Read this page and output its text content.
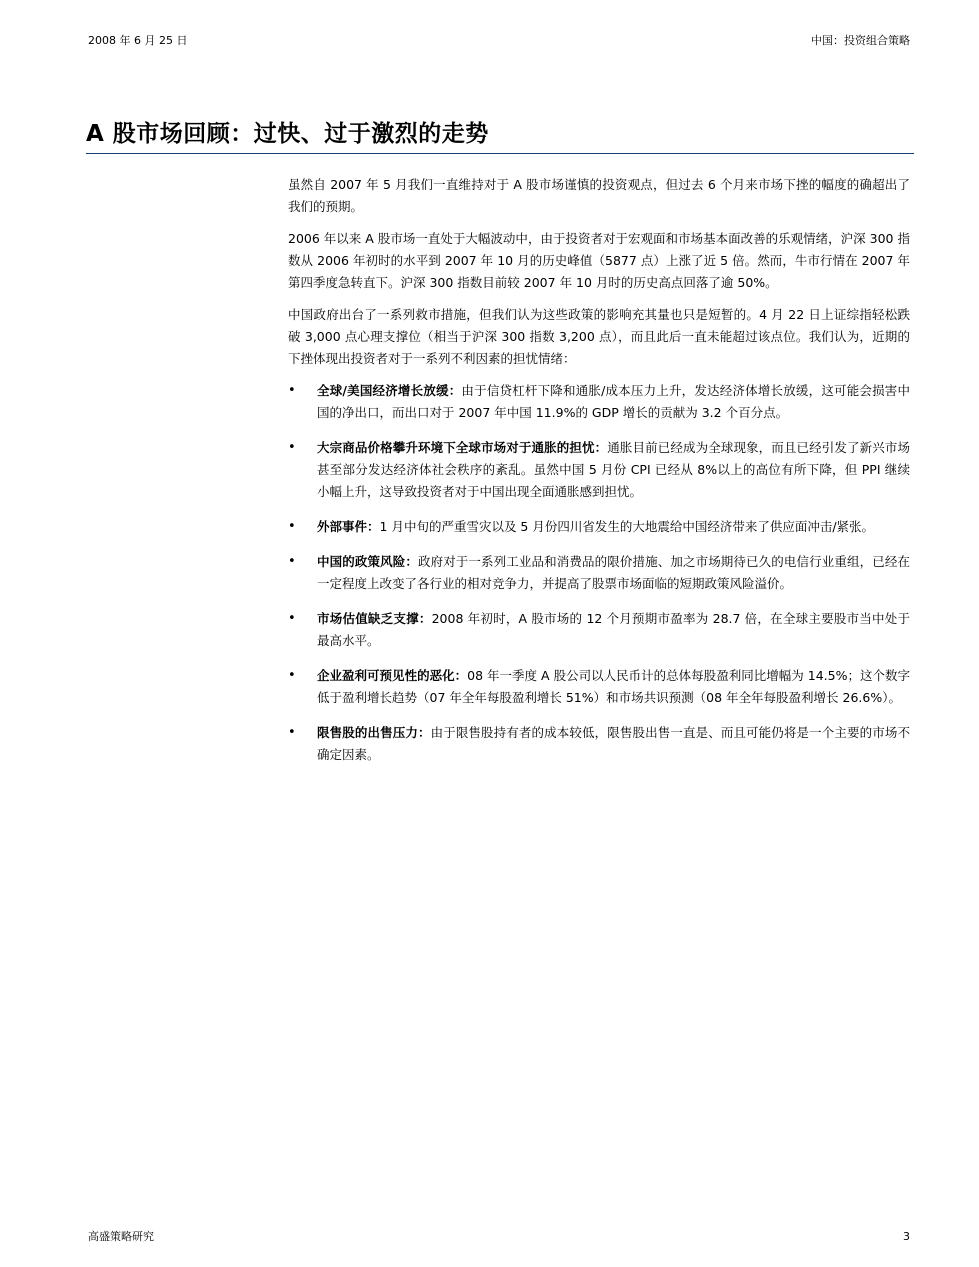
2008 年 6 月 25 日	中国：投资组合策略
A 股市场回顾：过快、过于激烈的走势

虽然自 2007 年 5 月我们一直维持对于 A 股市场谨慎的投资观点，但过去 6 个月来市场下挫的幅度的确超出了我们的预期。

2006 年以来 A 股市场一直处于大幅波动中，由于投资者对于宏观面和市场基本面改善的乐观情绪，沪深 300 指数从 2006 年初时的水平到 2007 年 10 月的历史峰值（5877 点）上涨了近 5 倍。然而，牛市行情在 2007 年第四季度急转直下。沪深 300 指数目前较 2007 年 10 月时的历史高点回落了逾 50%。

中国政府出台了一系列救市措施，但我们认为这些政策的影响充其量也只是短暂的。4 月 22 日上证综指轻松跌破 3,000 点心理支撑位（相当于沪深 300 指数 3,200 点），而且此后一直未能超过该点位。我们认为，近期的下挫体现出投资者对于一系列不利因素的担忧情绪：

• 全球/美国经济增长放缓：由于信贷杠杆下降和通胀/成本压力上升，发达经济体增长放缓，这可能会损害中国的净出口，而出口对于 2007 年中国 11.9%的 GDP 增长的贡献为 3.2 个百分点。
• 大宗商品价格攀升环境下全球市场对于通胀的担忧：通胀目前已经成为全球现象，而且已经引发了新兴市场甚至部分发达经济体社会秩序的紊乱。虽然中国 5 月份 CPI 已经从 8%以上的高位有所下降，但 PPI 继续小幅上升，这导致投资者对于中国出现全面通胀感到担忧。
• 外部事件：1 月中旬的严重雪灾以及 5 月份四川省发生的大地震给中国经济带来了供应面冲击/紧张。
• 中国的政策风险：政府对于一系列工业品和消费品的限价措施、加之市场期待已久的电信行业重组，已经在一定程度上改变了各行业的相对竞争力，并提高了股票市场面临的短期政策风险溢价。
• 市场估值缺乏支撑：2008 年初时，A 股市场的 12 个月预期市盈率为 28.7 倍，在全球主要股市当中处于最高水平。
• 企业盈利可预见性的恶化：08 年一季度 A 股公司以人民币计的总体每股盈利同比增幅为 14.5%；这个数字低于盈利增长趋势（07 年全年每股盈利增长 51%）和市场共识预测（08 年全年每股盈利增长 26.6%）。
• 限售股的出售压力：由于限售股持有者的成本较低，限售股出售一直是、而且可能仍将是一个主要的市场不确定因素。
高盛策略研究	3
